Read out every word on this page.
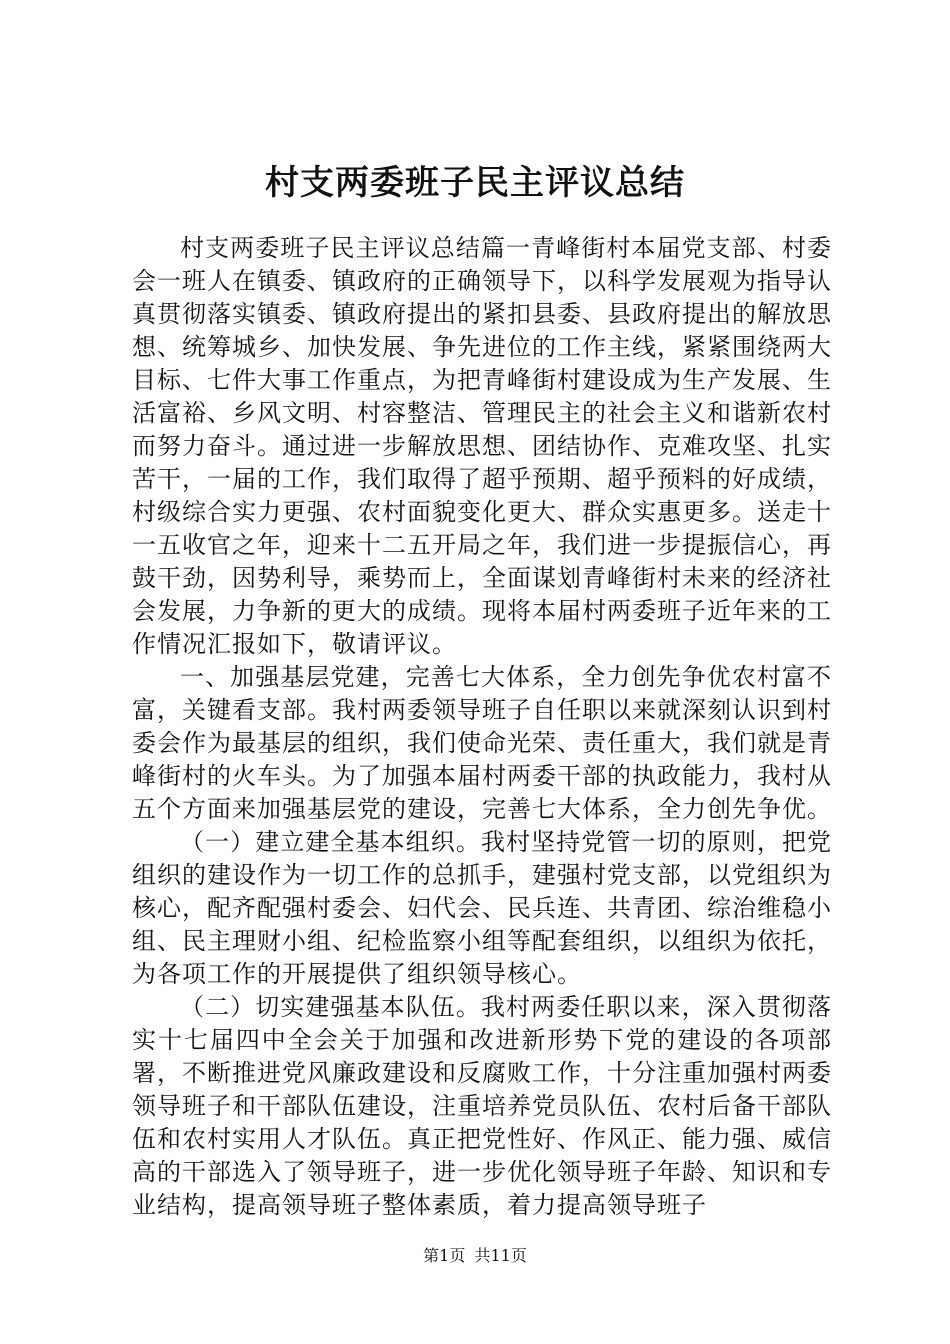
村支两委班子民主评议总结

村支两委班子民主评议总结篇一青峰街村本届党支部、村委会一班人在镇委、镇政府的正确领导下，以科学发展观为指导认真贯彻落实镇委、镇政府提出的紧扣县委、县政府提出的解放思想、统筹城乡、加快发展、争先进位的工作主线，紧紧围绕两大目标、七件大事工作重点，为把青峰街村建设成为生产发展、生活富裕、乡风文明、村容整洁、管理民主的社会主义和谐新农村而努力奋斗。通过进一步解放思想、团结协作、克难攻坚、扎实苦干，一届的工作，我们取得了超乎预期、超乎预料的好成绩，村级综合实力更强、农村面貌变化更大、群众实惠更多。送走十一五收官之年，迎来十二五开局之年，我们进一步提振信心，再鼓干劲，因势利导，乘势而上，全面谋划青峰街村未来的经济社会发展，力争新的更大的成绩。现将本届村两委班子近年来的工作情况汇报如下，敬请评议。

一、加强基层党建，完善七大体系，全力创先争优农村富不富，关键看支部。我村两委领导班子自任职以来就深刻认识到村委会作为最基层的组织，我们使命光荣、责任重大，我们就是青峰街村的火车头。为了加强本届村两委干部的执政能力，我村从五个方面来加强基层党的建设，完善七大体系，全力创先争优。

（一）建立建全基本组织。我村坚持党管一切的原则，把党组织的建设作为一切工作的总抓手，建强村党支部，以党组织为核心，配齐配强村委会、妇代会、民兵连、共青团、综治维稳小组、民主理财小组、纪检监察小组等配套组织，以组织为依托，为各项工作的开展提供了组织领导核心。

（二）切实建强基本队伍。我村两委任职以来，深入贯彻落实十七届四中全会关于加强和改进新形势下党的建设的各项部署，不断推进党风廉政建设和反腐败工作，十分注重加强村两委领导班子和干部队伍建设，注重培养党员队伍、农村后备干部队伍和农村实用人才队伍。真正把党性好、作风正、能力强、威信高的干部选入了领导班子，进一步优化领导班子年龄、知识和专业结构，提高领导班子整体素质，着力提高领导班子

第1页 共11页
